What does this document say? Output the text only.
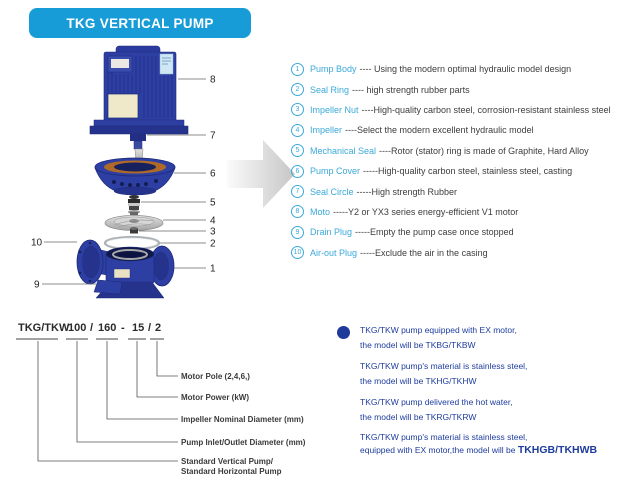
TKG VERTICAL PUMP
8
7
6
5
4
3
2
1
10
9
1	Pump Body ---- Using the modern optimal hydraulic model design
2	Seal Ring ---- high strength rubber parts
3	Impeller Nut ----High-quality carbon steel, corrosion-resistant stainless steel
4	Impeller ----Select the modern excellent hydraulic model
5	Mechanical Seal ----Rotor (stator) ring is made of Graphite, Hard Alloy
6	Pump Cover -----High-quality carbon steel, stainless steel, casting
7	Seal Circle -----High strength Rubber
8	Moto -----Y2 or YX3 series energy-efficient V1 motor
9	Drain Plug -----Empty the pump case once stopped
10 Air-out Plug -----Exclude the air in the casing
TKG/TKW
100 / 160 - 15 / 2
Motor Pole (2,4,6,)
Motor Power (kW)
Impeller Nominal Diameter (mm)
Pump Inlet/Outlet Diameter (mm)
Standard Vertical Pump/
Standard Horizontal Pump
TKG/TKW pump equipped with EX motor,
the model will be TKBG/TKBW
TKG/TKW pump's material is stainless steel,
the model will be TKHG/TKHW
TKG/TKW pump delivered the hot water,
the model will be TKRG/TKRW
TKG/TKW pump's material is stainless steel,
equipped with EX motor,the model will be TKHGB/TKHWB
